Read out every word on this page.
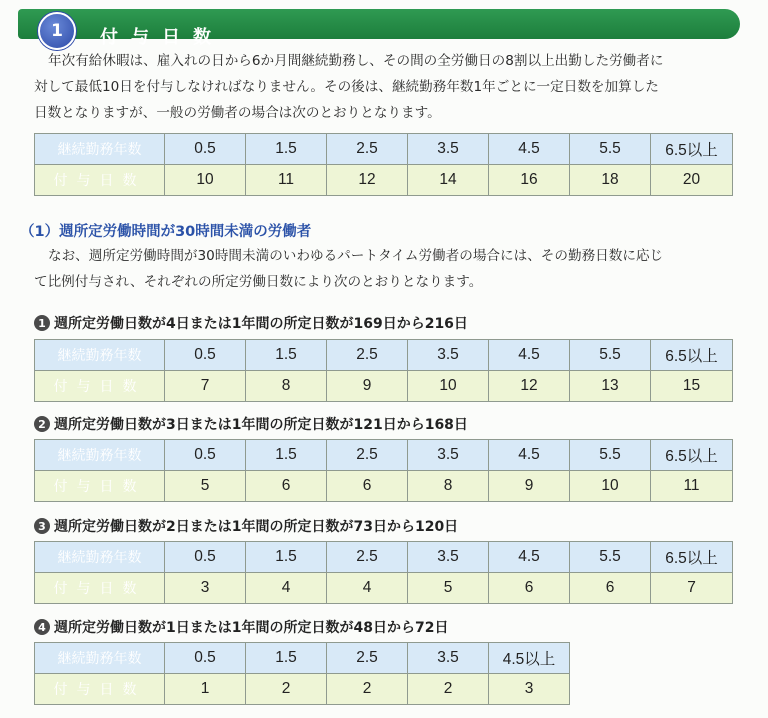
1	付与日数
年次有給休暇は、雇入れの日から6か月間継続勤務し、その間の全労働日の8割以上出勤した労働者に
対して最低10日を付与しなければなりません。その後は、継続勤務年数1年ごとに一定日数を加算した
日数となりますが、一般の労働者の場合は次のとおりとなります。
継続勤務年数	0.5	1.5	2.5	3.5	4.5	5.5	6.5以上
付与日数	10	11	12	14	16	18	20
（1）週所定労働時間が30時間未満の労働者
なお、週所定労働時間が30時間未満のいわゆるパートタイム労働者の場合には、その勤務日数に応じ
て比例付与され、それぞれの所定労働日数により次のとおりとなります。
1 週所定労働日数が4日または1年間の所定日数が169日から216日
継続勤務年数	0.5	1.5	2.5	3.5	4.5	5.5	6.5以上
付与日数	7	8	9	10	12	13	15
2 週所定労働日数が3日または1年間の所定日数が121日から168日
継続勤務年数	0.5	1.5	2.5	3.5	4.5	5.5	6.5以上
付与日数	5	6	6	8	9	10	11
3 週所定労働日数が2日または1年間の所定日数が73日から120日
継続勤務年数	0.5	1.5	2.5	3.5	4.5	5.5	6.5以上
付与日数	3	4	4	5	6	6	7
4 週所定労働日数が1日または1年間の所定日数が48日から72日
継続勤務年数	0.5	1.5	2.5	3.5	4.5以上
付与日数	1	2	2	2	3
